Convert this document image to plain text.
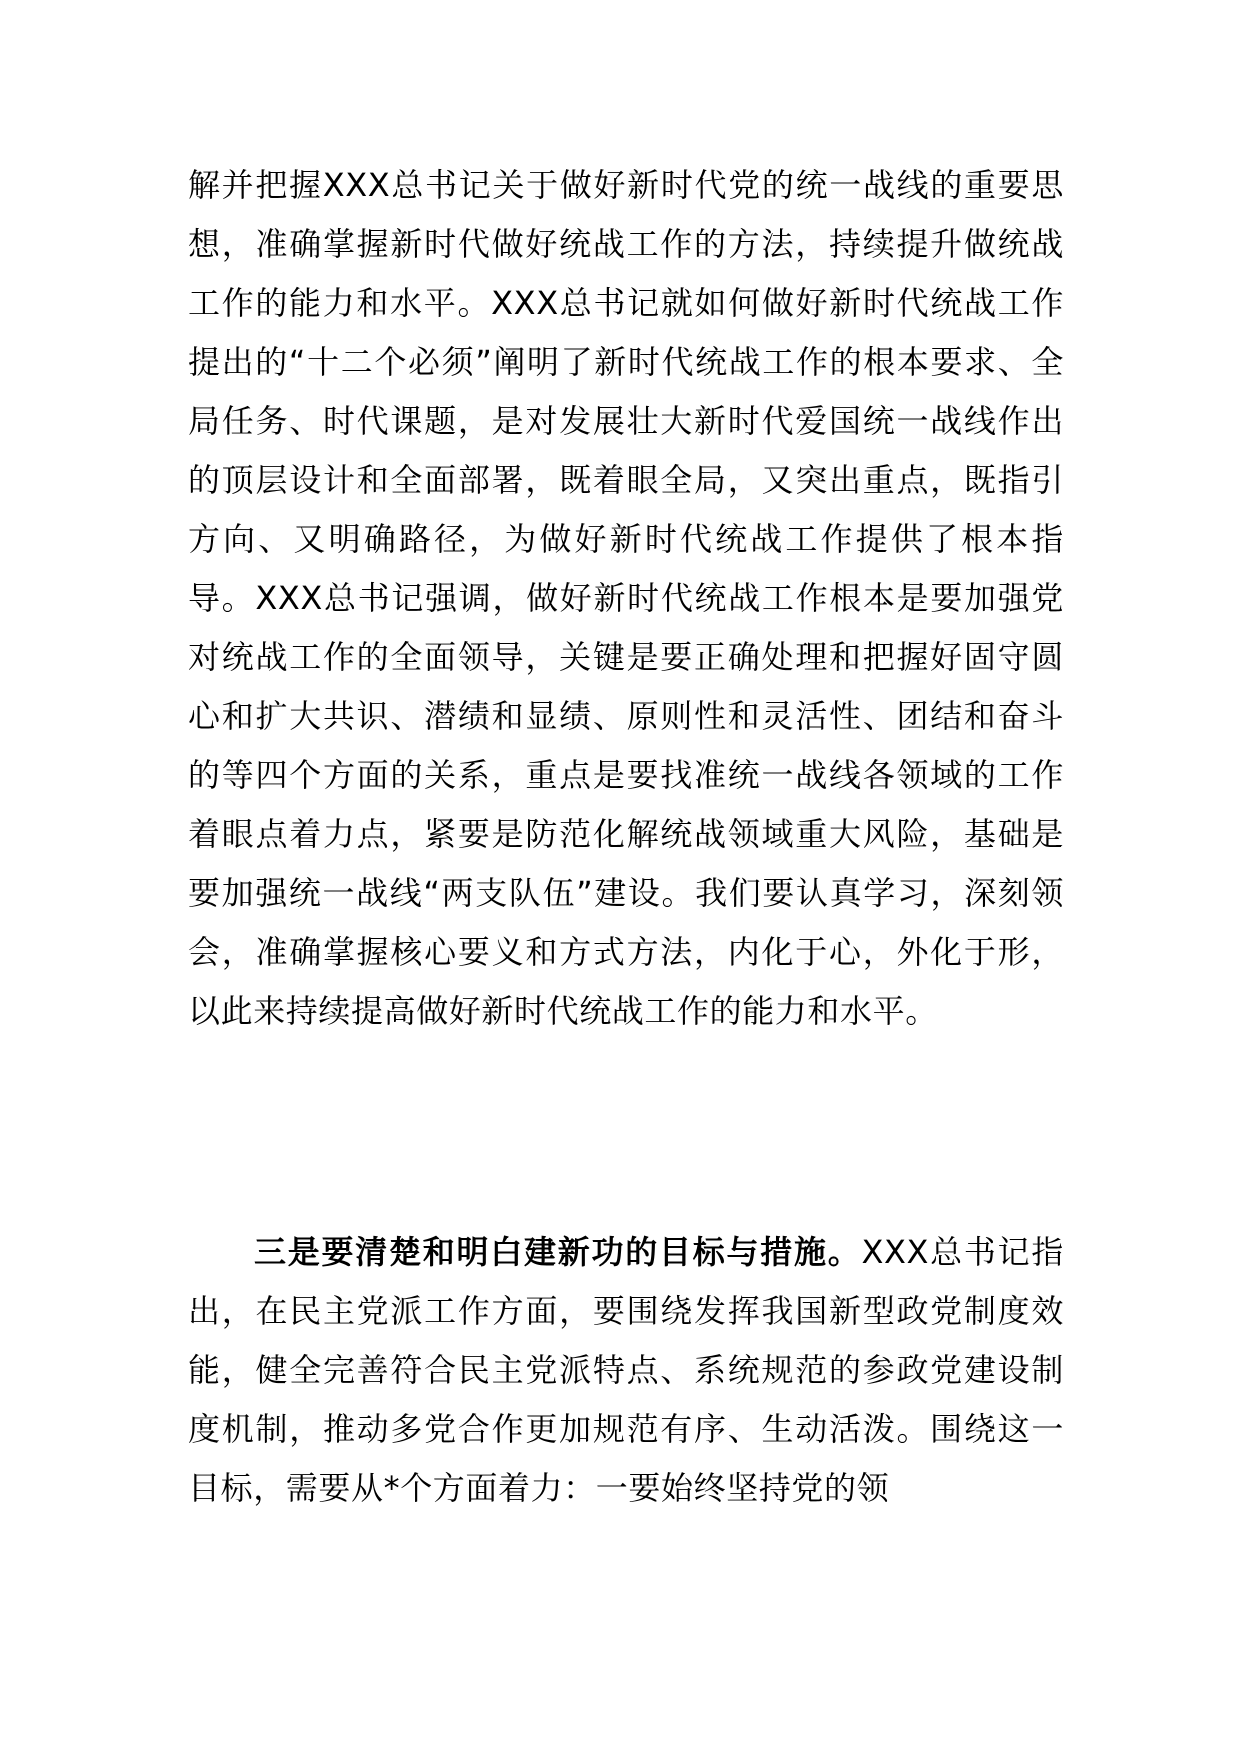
解并把握XXX总书记关于做好新时代党的统一战线的重要思想，准确掌握新时代做好统战工作的方法，持续提升做统战工作的能力和水平。XXX总书记就如何做好新时代统战工作提出的“十二个必须”阐明了新时代统战工作的根本要求、全局任务、时代课题，是对发展壮大新时代爱国统一战线作出的顶层设计和全面部署，既着眼全局，又突出重点，既指引方向、又明确路径，为做好新时代统战工作提供了根本指导。XXX总书记强调，做好新时代统战工作根本是要加强党对统战工作的全面领导，关键是要正确处理和把握好固守圆心和扩大共识、潜绩和显绩、原则性和灵活性、团结和奋斗的等四个方面的关系，重点是要找准统一战线各领域的工作着眼点着力点，紧要是防范化解统战领域重大风险，基础是要加强统一战线“两支队伍”建设。我们要认真学习，深刻领会，准确掌握核心要义和方式方法，内化于心，外化于形，以此来持续提高做好新时代统战工作的能力和水平。

三是要清楚和明白建新功的目标与措施。XXX总书记指出，在民主党派工作方面，要围绕发挥我国新型政党制度效能，健全完善符合民主党派特点、系统规范的参政党建设制度机制，推动多党合作更加规范有序、生动活泼。围绕这一目标，需要从*个方面着力：一要始终坚持党的领
